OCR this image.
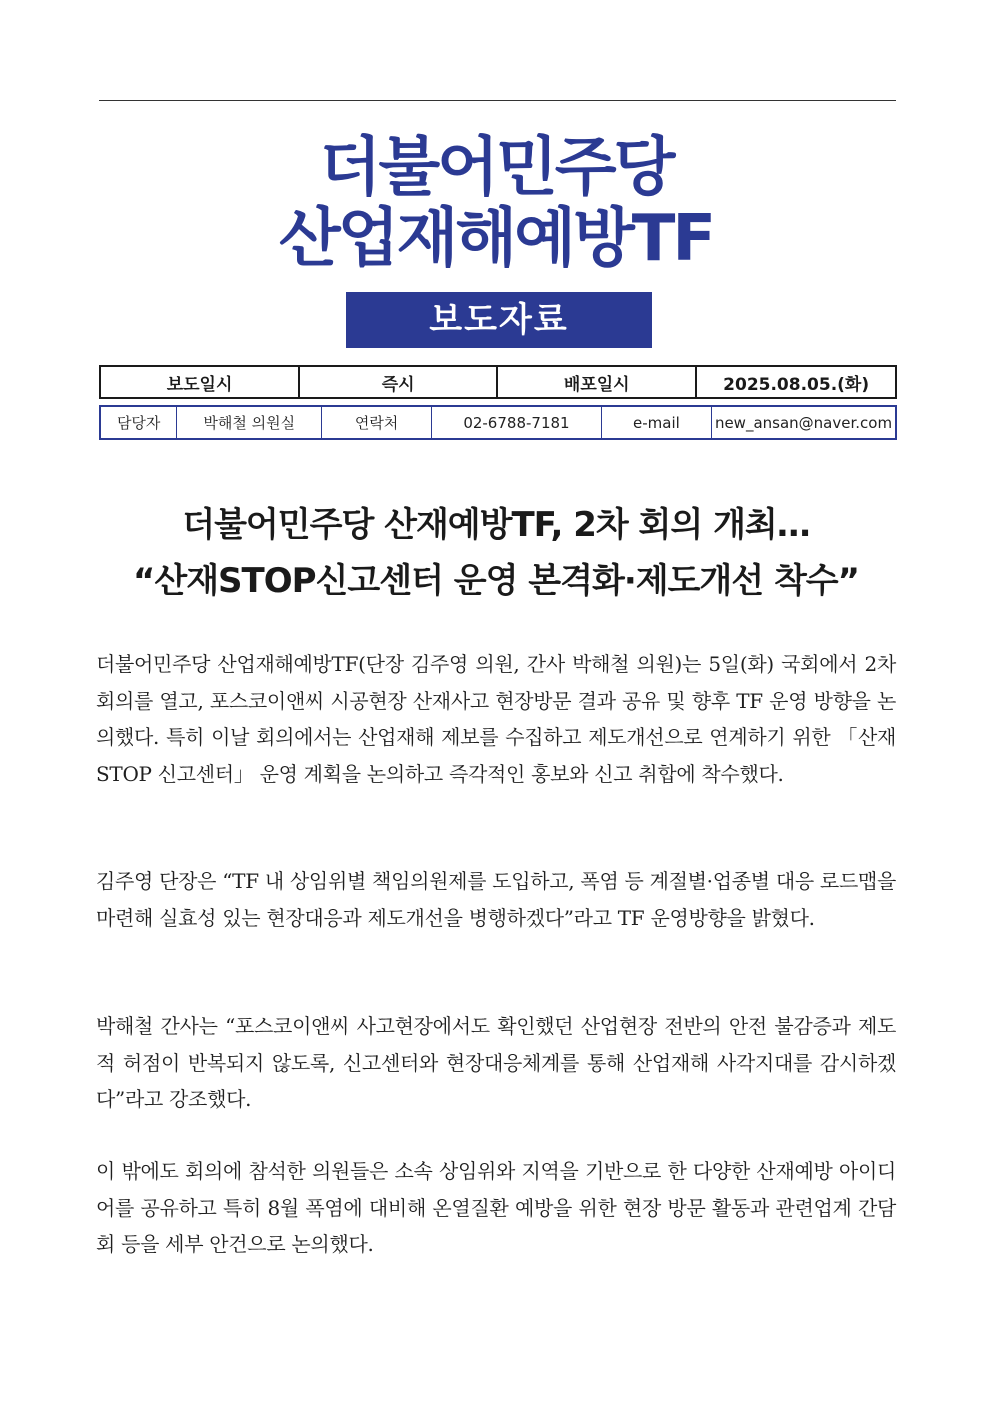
더불어민주당
산업재해예방TF
보도자료
보도일시	즉시	배포일시	2025.08.05.(화)
담당자	박해철 의원실	연락처	02-6788-7181	e-mail	new_ansan@naver.com
더불어민주당 산재예방TF, 2차 회의 개최…
“산재STOP신고센터 운영 본격화·제도개선 착수”

더불어민주당 산업재해예방TF(단장 김주영 의원, 간사 박해철 의원)는 5일(화) 국회에서 2차 회의를 열고, 포스코이앤씨 시공현장 산재사고 현장방문 결과 공유 및 향후 TF 운영 방향을 논의했다. 특히 이날 회의에서는 산업재해 제보를 수집하고 제도개선으로 연계하기 위한 「산재 STOP 신고센터」 운영 계획을 논의하고 즉각적인 홍보와 신고 취합에 착수했다.

김주영 단장은 “TF 내 상임위별 책임의원제를 도입하고, 폭염 등 계절별·업종별 대응 로드맵을 마련해 실효성 있는 현장대응과 제도개선을 병행하겠다”라고 TF 운영방향을 밝혔다.

박해철 간사는 “포스코이앤씨 사고현장에서도 확인했던 산업현장 전반의 안전 불감증과 제도적 허점이 반복되지 않도록, 신고센터와 현장대응체계를 통해 산업재해 사각지대를 감시하겠다”라고 강조했다.

이 밖에도 회의에 참석한 의원들은 소속 상임위와 지역을 기반으로 한 다양한 산재예방 아이디어를 공유하고 특히 8월 폭염에 대비해 온열질환 예방을 위한 현장 방문 활동과 관련업계 간담회 등을 세부 안건으로 논의했다.
